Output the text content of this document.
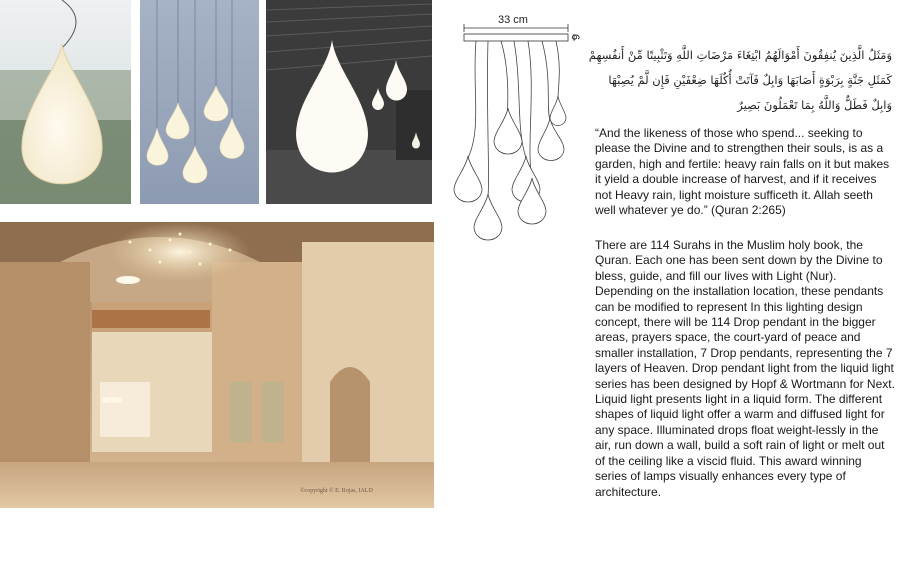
33 cm
6
©copyright © E. Rojas, IALD

وَمَثَلُ الَّذِينَ يُنفِقُونَ أَمْوَالَهُمُ ابْتِغَاءَ مَرْضَاتِ اللَّهِ وَتَثْبِيتًا مِّنْ أَنفُسِهِمْ كَمَثَلِ جَنَّةٍ بِرَبْوَةٍ أَصَابَهَا وَابِلٌ فَآتَتْ أُكُلَهَا ضِعْفَيْنِ فَإِن لَّمْ يُصِبْهَا وَابِلٌ فَطَلٌّ وَاللَّهُ بِمَا تَعْمَلُونَ بَصِيرٌ

“And the likeness of those who spend... seeking to please the Divine and to strengthen their souls, is as a garden, high and fertile: heavy rain falls on it but makes it yield a double increase of harvest, and if it receives not Heavy rain, light moisture sufficeth it. Allah seeth well whatever ye do.” (Quran 2:265)

There are 114 Surahs in the Muslim holy book, the Quran. Each one has been sent down by the Divine to bless, guide, and fill our lives with Light (Nur). Depending on the installation location, these pendants can be modified to represent In this lighting design concept, there will be 114 Drop pendant in the bigger areas, prayers space, the court-yard of peace and smaller installation, 7 Drop pendants, representing the 7 layers of Heaven. Drop pendant light from the liquid light series has been designed by Hopf & Wortmann for Next. Liquid light presents light in a liquid form. The different shapes of liquid light offer a warm and diffused light for any space. Illuminated drops float weight-lessly in the air, run down a wall, build a soft rain of light or melt out of the ceiling like a viscid fluid. This award winning series of lamps visually enhances every type of architecture.
